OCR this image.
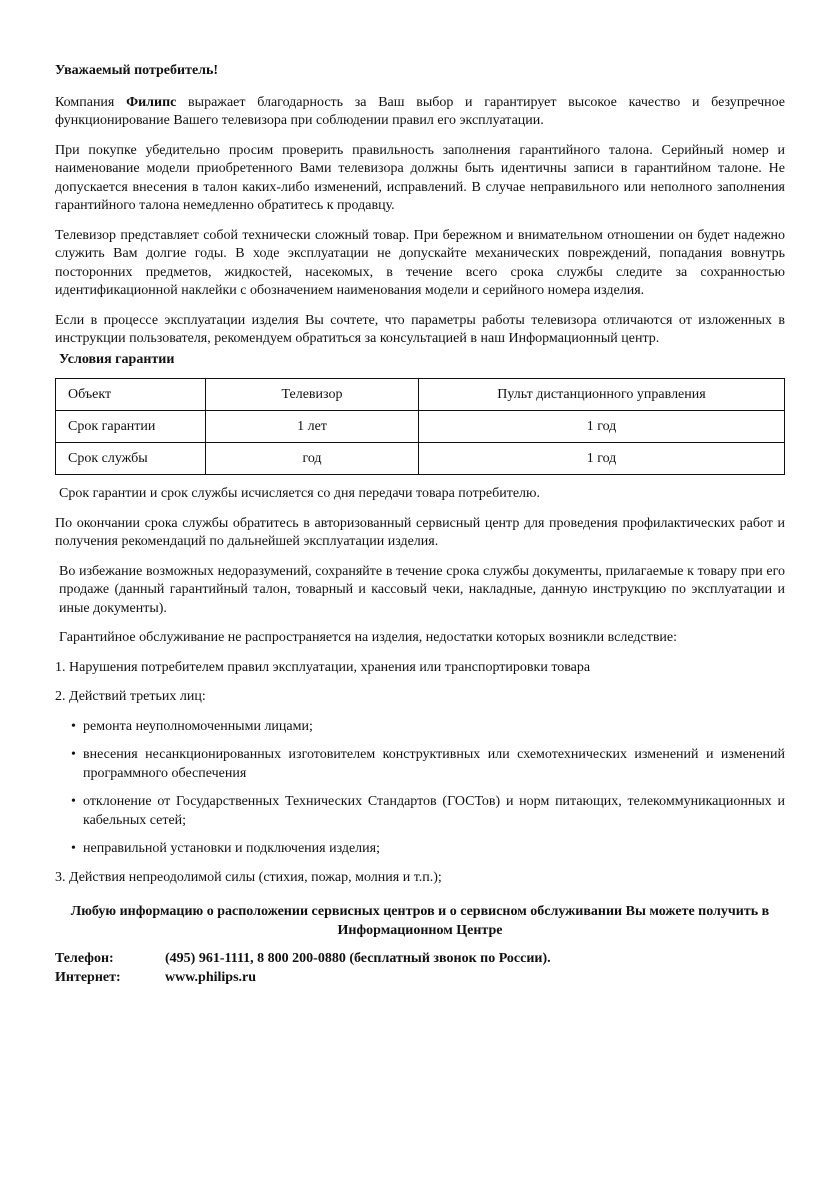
Уважаемый потребитель!

Компания Филипс выражает благодарность за Ваш выбор и гарантирует высокое качество и безупречное функционирование Вашего телевизора при соблюдении правил его эксплуатации.

При покупке убедительно просим проверить правильность заполнения гарантийного талона. Серийный номер и наименование модели приобретенного Вами телевизора должны быть идентичны записи в гарантийном талоне. Не допускается внесения в талон каких-либо изменений, исправлений. В случае неправильного или неполного заполнения гарантийного талона немедленно обратитесь к продавцу.

Телевизор представляет собой технически сложный товар. При бережном и внимательном отношении он будет надежно служить Вам долгие годы. В ходе эксплуатации не допускайте механических повреждений, попадания вовнутрь посторонних предметов, жидкостей, насекомых, в течение всего срока службы следите за сохранностью идентификационной наклейки с обозначением наименования модели и серийного номера изделия.

Если в процессе эксплуатации изделия Вы сочтете, что параметры работы телевизора отличаются от изложенных в инструкции пользователя, рекомендуем обратиться за консультацией в наш Информационный центр.

Условия гарантии

Объект	Телевизор	Пульт дистанционного управления
Срок гарантии	1 лет	1 год
Срок службы	год	1 год

Срок гарантии и срок службы исчисляется со дня передачи товара потребителю.

По окончании срока службы обратитесь в авторизованный сервисный центр для проведения профилактических работ и получения рекомендаций по дальнейшей эксплуатации изделия.

Во избежание возможных недоразумений, сохраняйте в течение срока службы документы, прилагаемые к товару при его продаже (данный гарантийный талон, товарный и кассовый чеки, накладные, данную инструкцию по эксплуатации и иные документы).

Гарантийное обслуживание не распространяется на изделия, недостатки которых возникли вследствие:

1. Нарушения потребителем правил эксплуатации, хранения или транспортировки товара

2. Действий третьих лиц:

• ремонта неуполномоченными лицами;
• внесения несанкционированных изготовителем конструктивных или схемотехнических изменений и изменений программного обеспечения
• отклонение от Государственных Технических Стандартов (ГОСТов) и норм питающих, телекоммуникационных и кабельных сетей;
• неправильной установки и подключения изделия;

3. Действия непреодолимой силы (стихия, пожар, молния и т.п.);

Любую информацию о расположении сервисных центров и о сервисном обслуживании Вы можете получить в Информационном Центре

Телефон:	(495) 961-1111, 8 800 200-0880 (бесплатный звонок по России).
Интернет:	www.philips.ru
